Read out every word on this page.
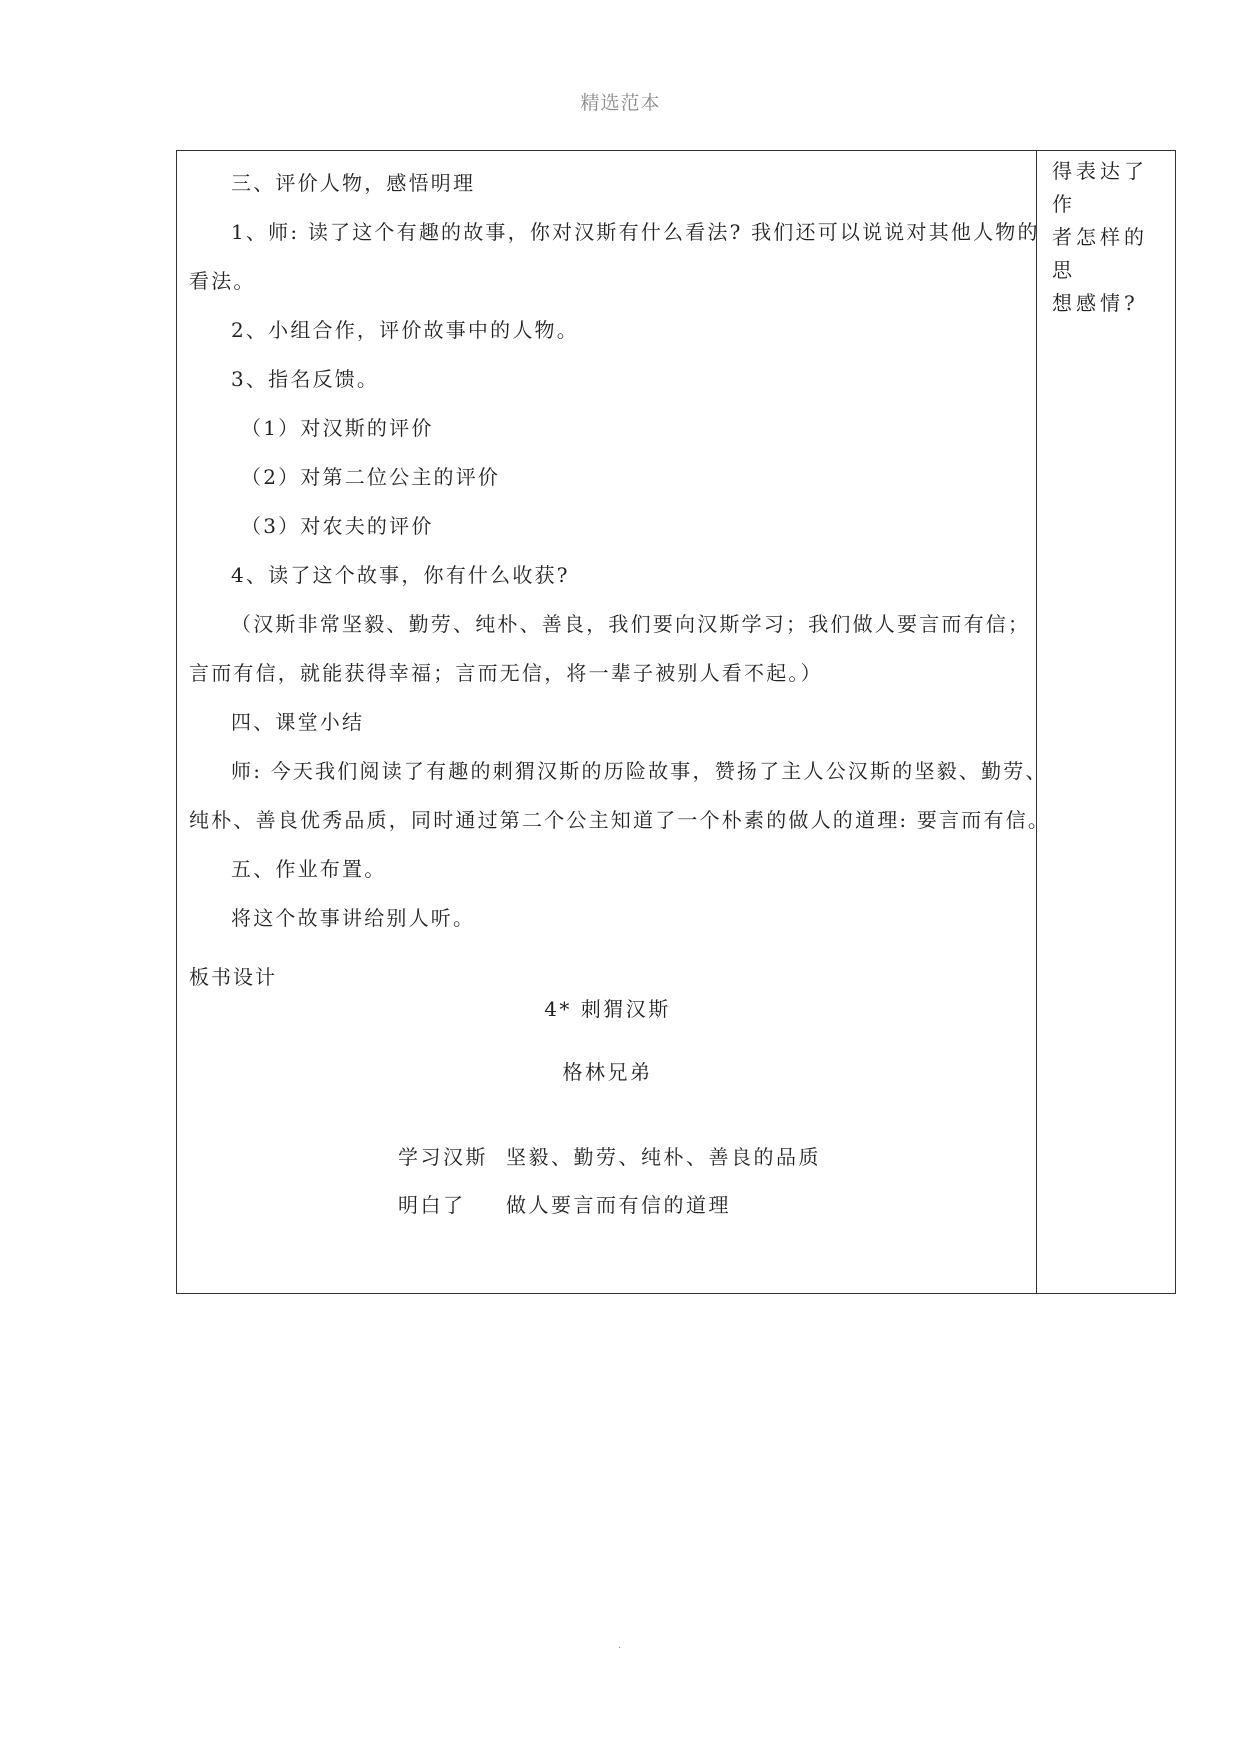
精选范本

三、评价人物，感悟明理

1、师: 读了这个有趣的故事，你对汉斯有什么看法? 我们还可以说说对其他人物的

看法。

2、小组合作，评价故事中的人物。

3、指名反馈。

（1）对汉斯的评价

（2）对第二位公主的评价

（3）对农夫的评价

4、读了这个故事，你有什么收获?

（汉斯非常坚毅、勤劳、纯朴、善良，我们要向汉斯学习；我们做人要言而有信；

言而有信，就能获得幸福；言而无信，将一辈子被别人看不起。）

四、课堂小结

师: 今天我们阅读了有趣的刺猬汉斯的历险故事，赞扬了主人公汉斯的坚毅、勤劳、

纯朴、善良优秀品质，同时通过第二个公主知道了一个朴素的做人的道理: 要言而有信。

五、作业布置。

将这个故事讲给别人听。

板书设计
4* 刺猬汉斯
格林兄弟
学习汉斯 坚毅、勤劳、纯朴、善良的品质
明白了 做人要言而有信的道理
得表达了作
者怎样的思
想感情?
.
